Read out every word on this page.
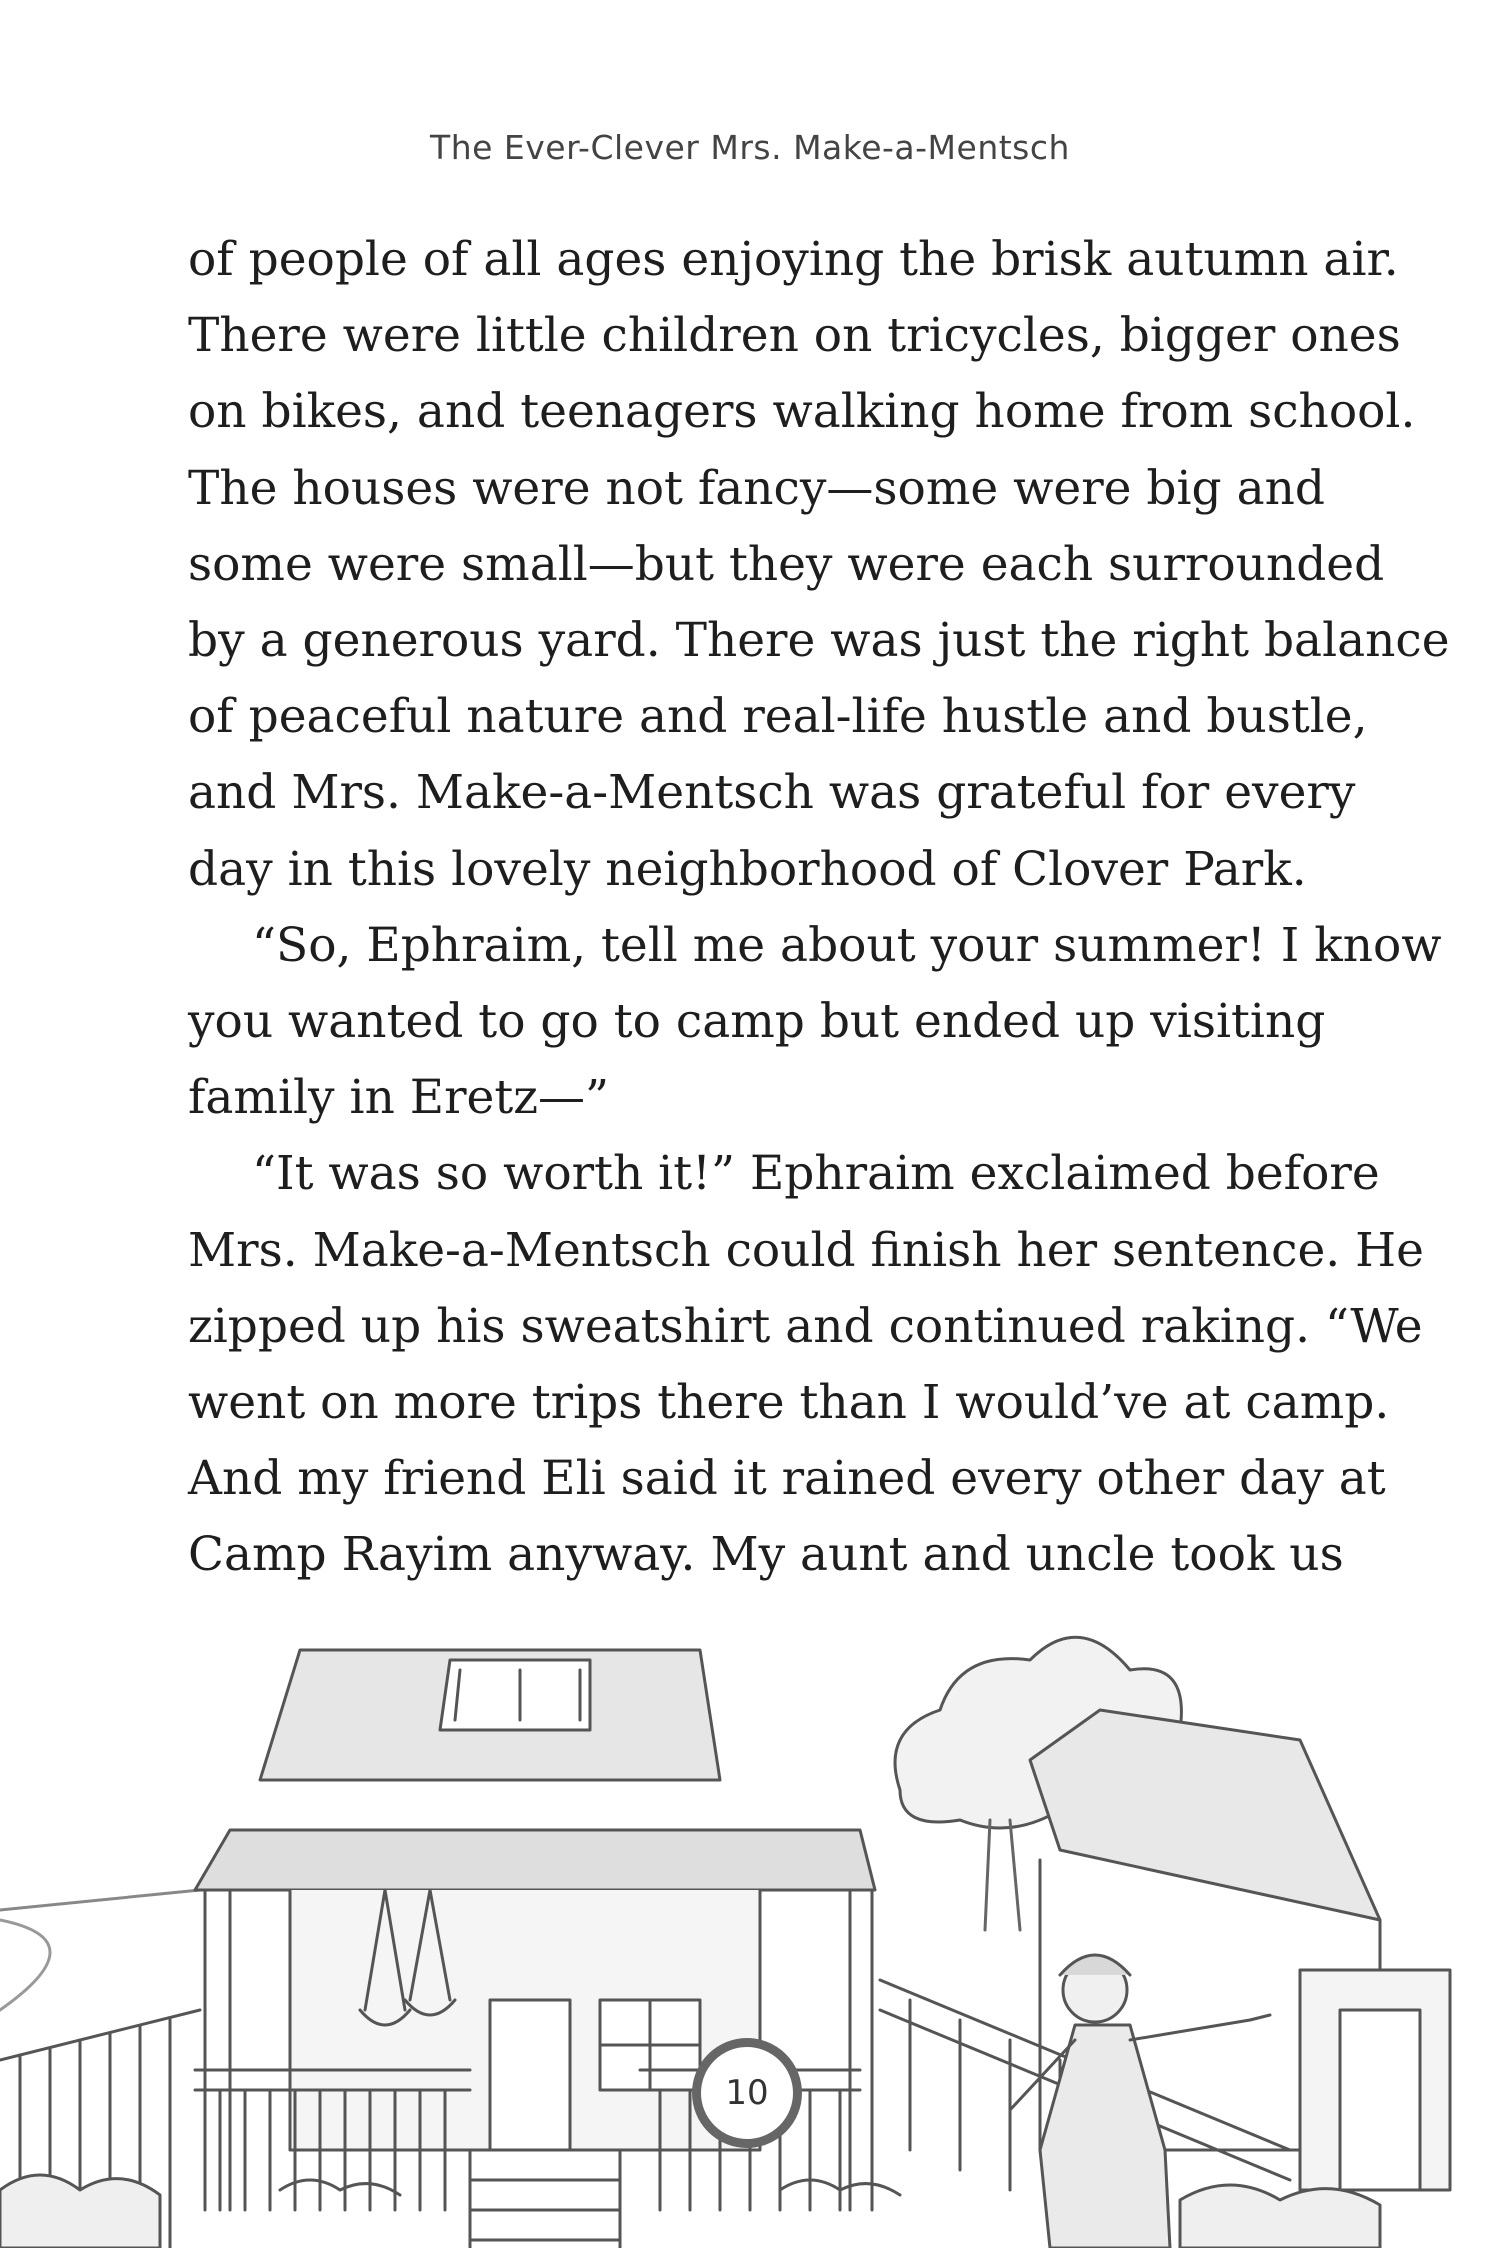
The Ever-Clever Mrs. Make-a-Mentsch

of people of all ages enjoying the brisk autumn air.
There were little children on tricycles, bigger ones
on bikes, and teenagers walking home from school.
The houses were not fancy—some were big and
some were small—but they were each surrounded
by a generous yard. There was just the right balance
of peaceful nature and real-life hustle and bustle,
and Mrs. Make-a-Mentsch was grateful for every
day in this lovely neighborhood of Clover Park.

“So, Ephraim, tell me about your summer! I know
you wanted to go to camp but ended up visiting
family in Eretz—”

“It was so worth it!” Ephraim exclaimed before
Mrs. Make-a-Mentsch could finish her sentence. He
zipped up his sweatshirt and continued raking. “We
went on more trips there than I would’ve at camp.
And my friend Eli said it rained every other day at
Camp Rayim anyway. My aunt and uncle took us

10
